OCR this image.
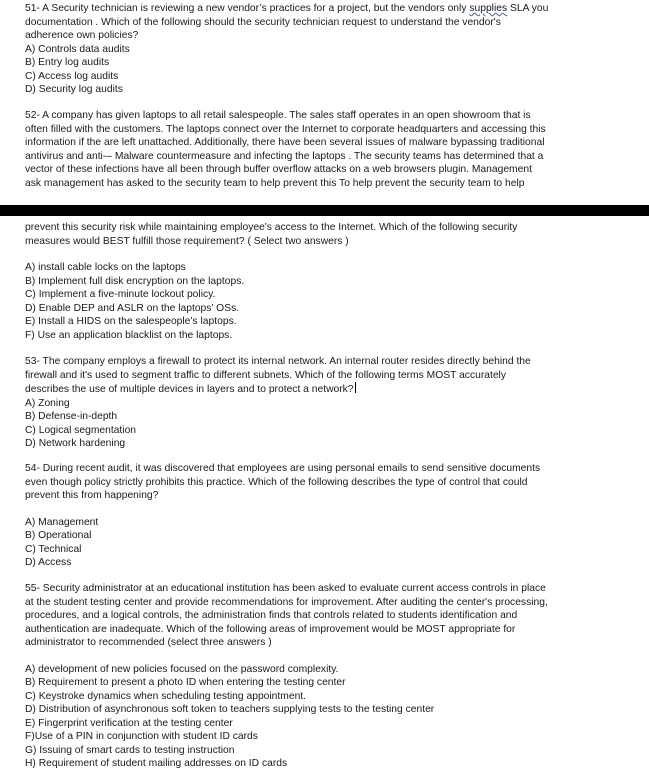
51- A Security technician is reviewing a new vendor’s practices for a project, but the vendors only supplies SLA you
documentation . Which of the following should the security technician request to understand the vendor's
adherence own policies?
A) Controls data audits
B) Entry log audits
C) Access log audits
D) Security log audits
52- A company has given laptops to all retail salespeople. The sales staff operates in an open showroom that is
often filled with the customers. The laptops connect over the Internet to corporate headquarters and accessing this
information if the are left unattached. Additionally, there have been several issues of malware bypassing traditional
antivirus and anti-– Malware countermeasure and infecting the laptops . The security teams has determined that a
vector of these infections have all been through buffer overflow attacks on a web browsers plugin. Management
ask management has asked to the security team to help prevent this To help prevent the security team to help
prevent this security risk while maintaining employee's access to the Internet. Which of the following security
measures would BEST fulfill those requirement? ( Select two answers )
A) install cable locks on the laptops
B) Implement full disk encryption on the laptops.
C) Implement a five-minute lockout policy.
D) Enable DEP and ASLR on the laptops’ OSs.
E) Install a HIDS on the salespeople’s laptops.
F) Use an application blacklist on the laptops.
53- The company employs a firewall to protect its internal network. An internal router resides directly behind the
firewall and it's used to segment traffic to different subnets. Which of the following terms MOST accurately
describes the use of multiple devices in layers and to protect a network?
A) Zoning
B) Defense-in-depth
C) Logical segmentation
D) Network hardening
54- During recent audit, it was discovered that employees are using personal emails to send sensitive documents
even though policy strictly prohibits this practice. Which of the following describes the type of control that could
prevent this from happening?
A) Management
B) Operational
C) Technical
D) Access
55- Security administrator at an educational institution has been asked to evaluate current access controls in place
at the student testing center and provide recommendations for improvement. After auditing the center's processing,
procedures, and a logical controls, the administration finds that controls related to students identification and
authentication are inadequate. Which of the following areas of improvement would be MOST appropriate for
administrator to recommended (select three answers )
A) development of new policies focused on the password complexity.
B) Requirement to present a photo ID when entering the testing center
C) Keystroke dynamics when scheduling testing appointment.
D) Distribution of asynchronous soft token to teachers supplying tests to the testing center
E) Fingerprint verification at the testing center
F)Use of a PIN in conjunction with student ID cards
G) Issuing of smart cards to testing instruction
H) Requirement of student mailing addresses on ID cards
